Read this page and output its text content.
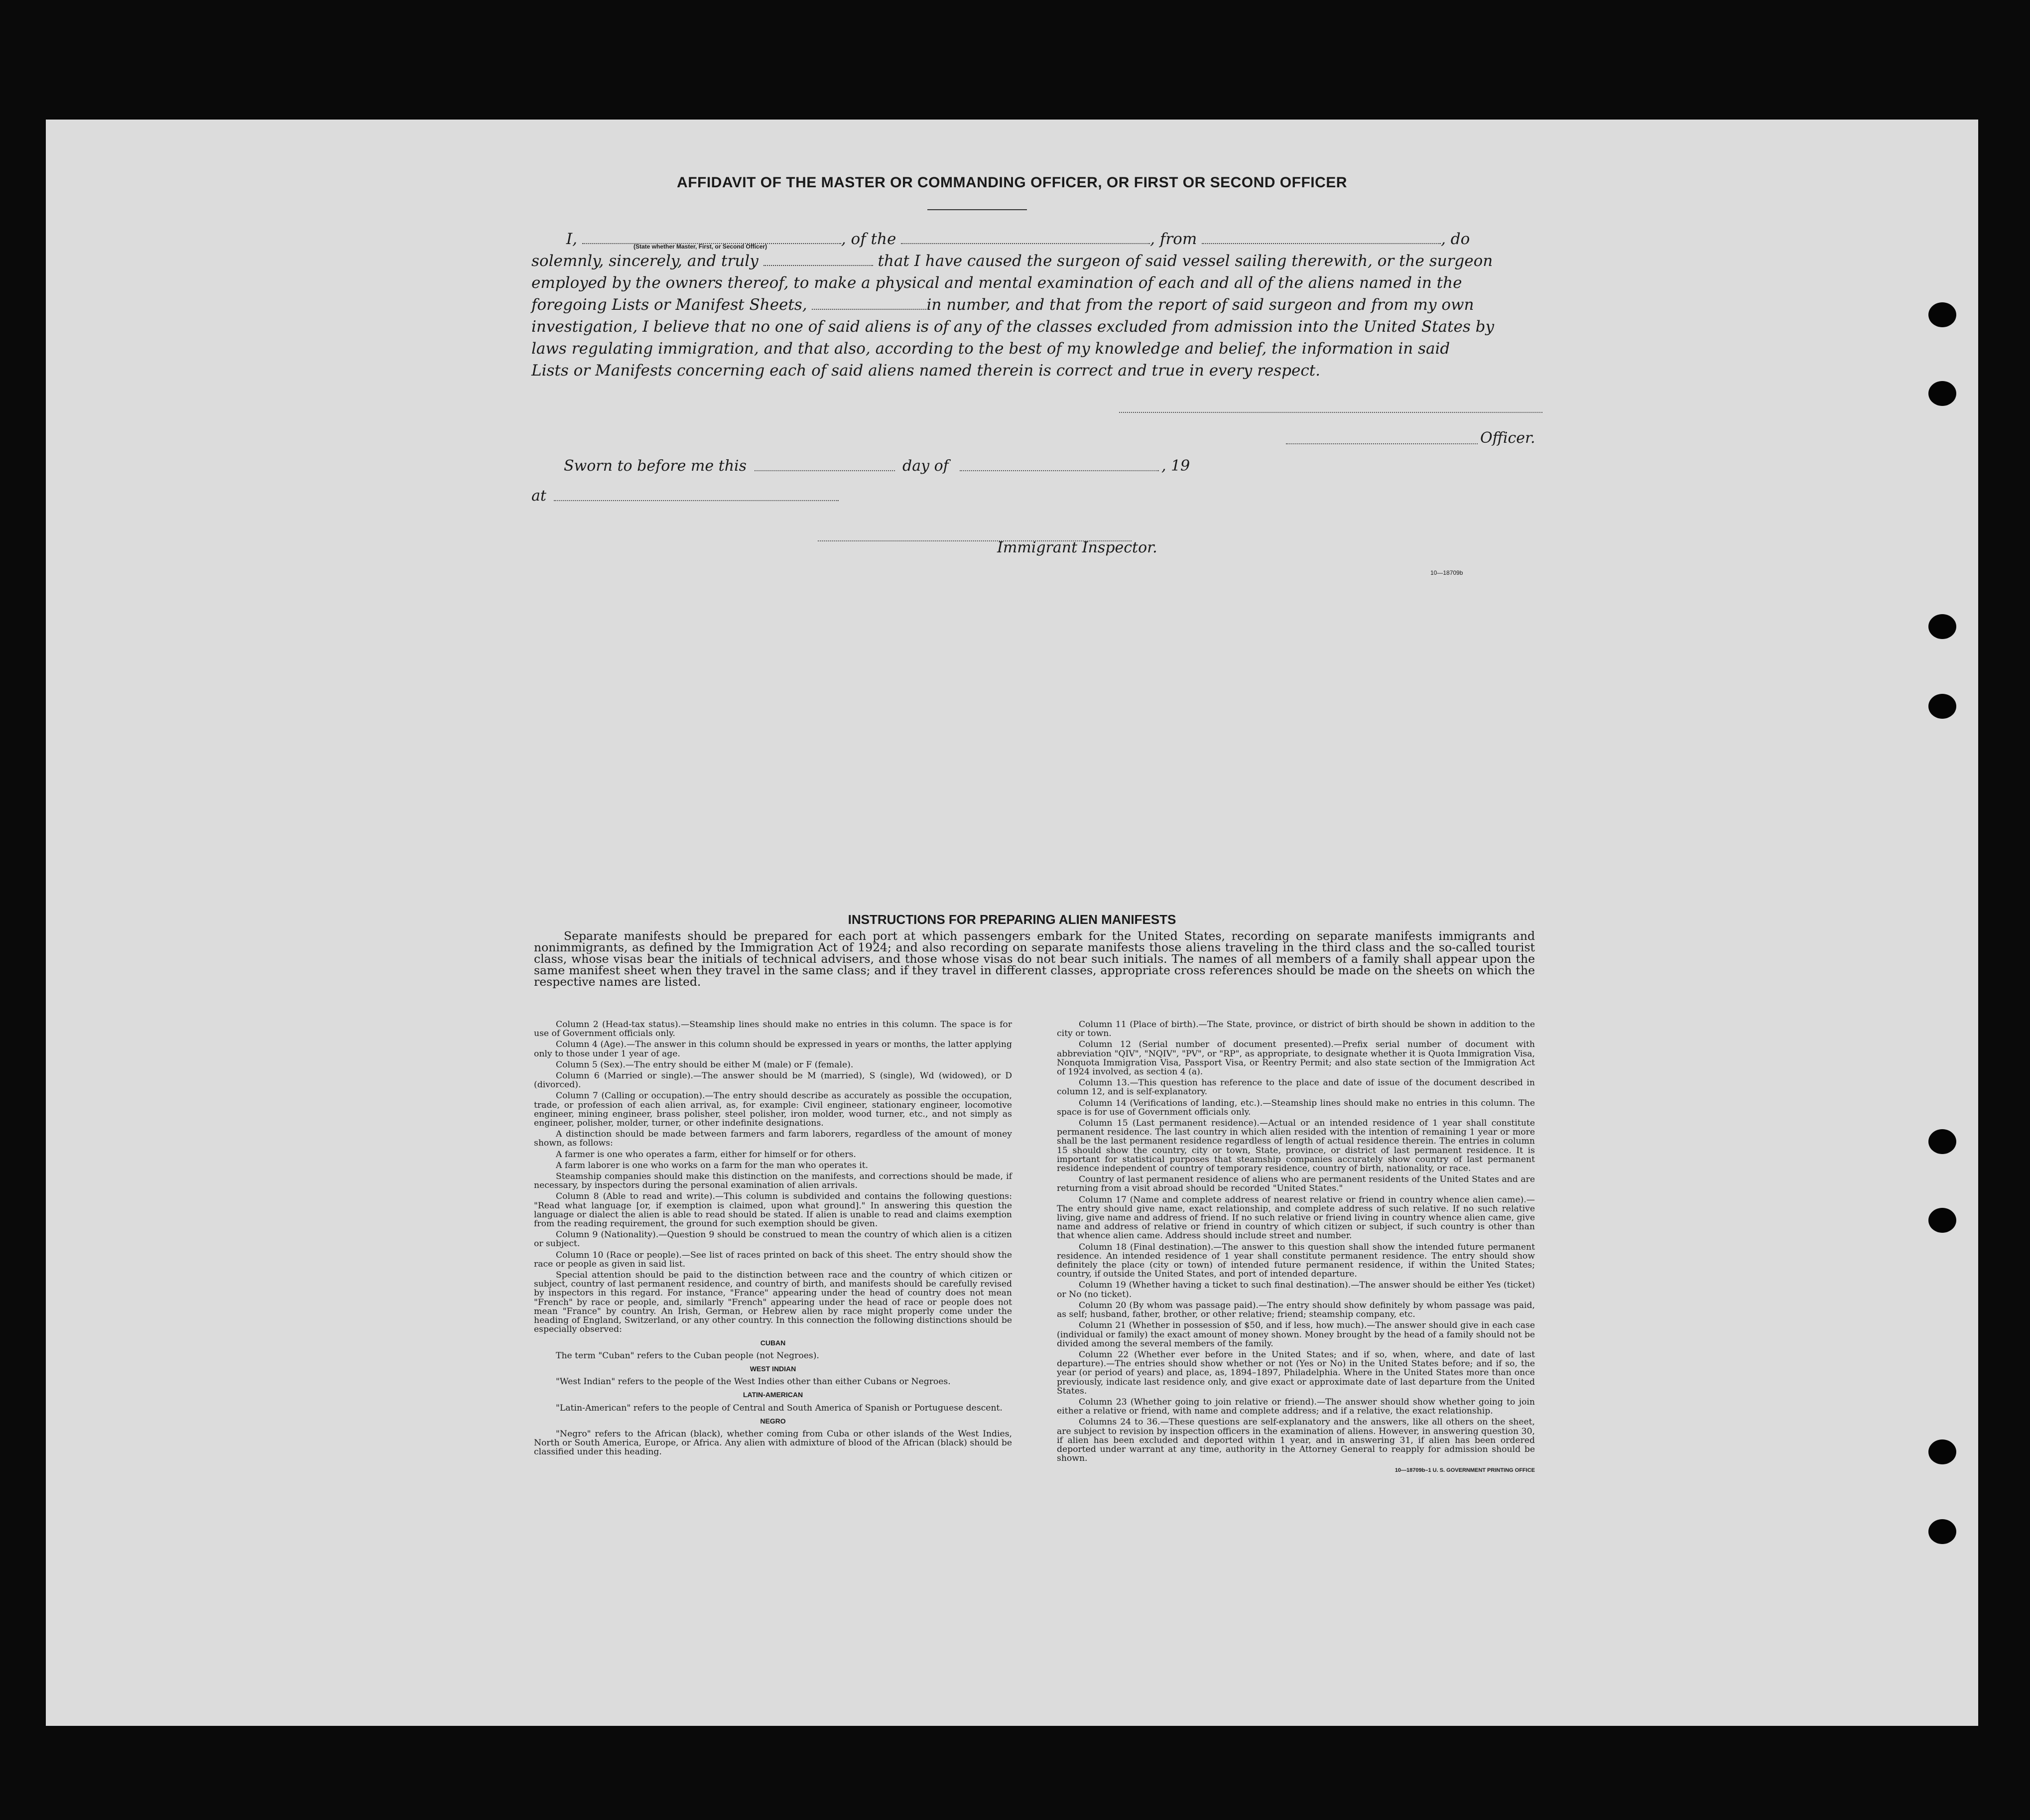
AFFIDAVIT OF THE MASTER OR COMMANDING OFFICER, OR FIRST OR SECOND OFFICER
I,	, of the	, from	, do
solemnly, sincerely, and truly	that I have caused the surgeon of said vessel sailing therewith, or the surgeon
employed by the owners thereof, to make a physical and mental examination of each and all of the aliens named in the
foregoing Lists or Manifest Sheets,	in number, and that from the report of said surgeon and from my own
investigation, I believe that no one of said aliens is of any of the classes excluded from admission into the United States by
laws regulating immigration, and that also, according to the best of my knowledge and belief, the information in said
Lists or Manifests concerning each of said aliens named therein is correct and true in every respect.
(State whether Master, First, or Second Officer)
Officer.
Sworn to before me this	day of	, 19
at
Immigrant Inspector.
10—18709b
INSTRUCTIONS FOR PREPARING ALIEN MANIFESTS
Separate manifests should be prepared for each port at which passengers embark for the United States, recording on separate manifests immigrants and nonimmigrants, as defined by the Immigration Act of 1924; and also recording on separate manifests those aliens traveling in the third class and the so-called tourist class, whose visas bear the initials of technical advisers, and those whose visas do not bear such initials. The names of all members of a family shall appear upon the same manifest sheet when they travel in the same class; and if they travel in different classes, appropriate cross references should be made on the sheets on which the respective names are listed.

Column 2 (Head-tax status).—Steamship lines should make no entries in this column. The space is for use of Government officials only.

Column 4 (Age).—The answer in this column should be expressed in years or months, the latter applying only to those under 1 year of age.

Column 5 (Sex).—The entry should be either M (male) or F (female).

Column 6 (Married or single).—The answer should be M (married), S (single), Wd (widowed), or D (divorced).

Column 7 (Calling or occupation).—The entry should describe as accurately as possible the occupation, trade, or profession of each alien arrival, as, for example: Civil engineer, stationary engineer, locomotive engineer, mining engineer, brass polisher, steel polisher, iron molder, wood turner, etc., and not simply as engineer, polisher, molder, turner, or other indefinite designations.

A distinction should be made between farmers and farm laborers, regardless of the amount of money shown, as follows:

A farmer is one who operates a farm, either for himself or for others.

A farm laborer is one who works on a farm for the man who operates it.

Steamship companies should make this distinction on the manifests, and corrections should be made, if necessary, by inspectors during the personal examination of alien arrivals.

Column 8 (Able to read and write).—This column is subdivided and contains the following questions: "Read what language [or, if exemption is claimed, upon what ground]." In answering this question the language or dialect the alien is able to read should be stated. If alien is unable to read and claims exemption from the reading requirement, the ground for such exemption should be given.

Column 9 (Nationality).—Question 9 should be construed to mean the country of which alien is a citizen or subject.

Column 10 (Race or people).—See list of races printed on back of this sheet. The entry should show the race or people as given in said list.

Special attention should be paid to the distinction between race and the country of which citizen or subject, country of last permanent residence, and country of birth, and manifests should be carefully revised by inspectors in this regard. For instance, "France" appearing under the head of country does not mean "French" by race or people, and, similarly "French" appearing under the head of race or people does not mean "France" by country. An Irish, German, or Hebrew alien by race might properly come under the heading of England, Switzerland, or any other country. In this connection the following distinctions should be especially observed:

CUBAN

The term "Cuban" refers to the Cuban people (not Negroes).

WEST INDIAN

"West Indian" refers to the people of the West Indies other than either Cubans or Negroes.

LATIN-AMERICAN

"Latin-American" refers to the people of Central and South America of Spanish or Portuguese descent.

NEGRO

"Negro" refers to the African (black), whether coming from Cuba or other islands of the West Indies, North or South America, Europe, or Africa. Any alien with admixture of blood of the African (black) should be classified under this heading.

Column 11 (Place of birth).—The State, province, or district of birth should be shown in addition to the city or town.

Column 12 (Serial number of document presented).—Prefix serial number of document with abbreviation "QIV", "NQIV", "PV", or "RP", as appropriate, to designate whether it is Quota Immigration Visa, Nonquota Immigration Visa, Passport Visa, or Reentry Permit; and also state section of the Immigration Act of 1924 involved, as section 4 (a).

Column 13.—This question has reference to the place and date of issue of the document described in column 12, and is self-explanatory.

Column 14 (Verifications of landing, etc.).—Steamship lines should make no entries in this column. The space is for use of Government officials only.

Column 15 (Last permanent residence).—Actual or an intended residence of 1 year shall constitute permanent residence. The last country in which alien resided with the intention of remaining 1 year or more shall be the last permanent residence regardless of length of actual residence therein. The entries in column 15 should show the country, city or town, State, province, or district of last permanent residence. It is important for statistical purposes that steamship companies accurately show country of last permanent residence independent of country of temporary residence, country of birth, nationality, or race.

Country of last permanent residence of aliens who are permanent residents of the United States and are returning from a visit abroad should be recorded "United States."

Column 17 (Name and complete address of nearest relative or friend in country whence alien came).—The entry should give name, exact relationship, and complete address of such relative. If no such relative living, give name and address of friend. If no such relative or friend living in country whence alien came, give name and address of relative or friend in country of which citizen or subject, if such country is other than that whence alien came. Address should include street and number.

Column 18 (Final destination).—The answer to this question shall show the intended future permanent residence. An intended residence of 1 year shall constitute permanent residence. The entry should show definitely the place (city or town) of intended future permanent residence, if within the United States; country, if outside the United States, and port of intended departure.

Column 19 (Whether having a ticket to such final destination).—The answer should be either Yes (ticket) or No (no ticket).

Column 20 (By whom was passage paid).—The entry should show definitely by whom passage was paid, as self; husband, father, brother, or other relative; friend; steamship company, etc.

Column 21 (Whether in possession of $50, and if less, how much).—The answer should give in each case (individual or family) the exact amount of money shown. Money brought by the head of a family should not be divided among the several members of the family.

Column 22 (Whether ever before in the United States; and if so, when, where, and date of last departure).—The entries should show whether or not (Yes or No) in the United States before; and if so, the year (or period of years) and place, as, 1894–1897, Philadelphia. Where in the United States more than once previously, indicate last residence only, and give exact or approximate date of last departure from the United States.

Column 23 (Whether going to join relative or friend).—The answer should show whether going to join either a relative or friend, with name and complete address; and if a relative, the exact relationship.

Columns 24 to 36.—These questions are self-explanatory and the answers, like all others on the sheet, are subject to revision by inspection officers in the examination of aliens. However, in answering question 30, if alien has been excluded and deported within 1 year, and in answering 31, if alien has been ordered deported under warrant at any time, authority in the Attorney General to reapply for admission should be shown.

10—18709b–1 U. S. GOVERNMENT PRINTING OFFICE
